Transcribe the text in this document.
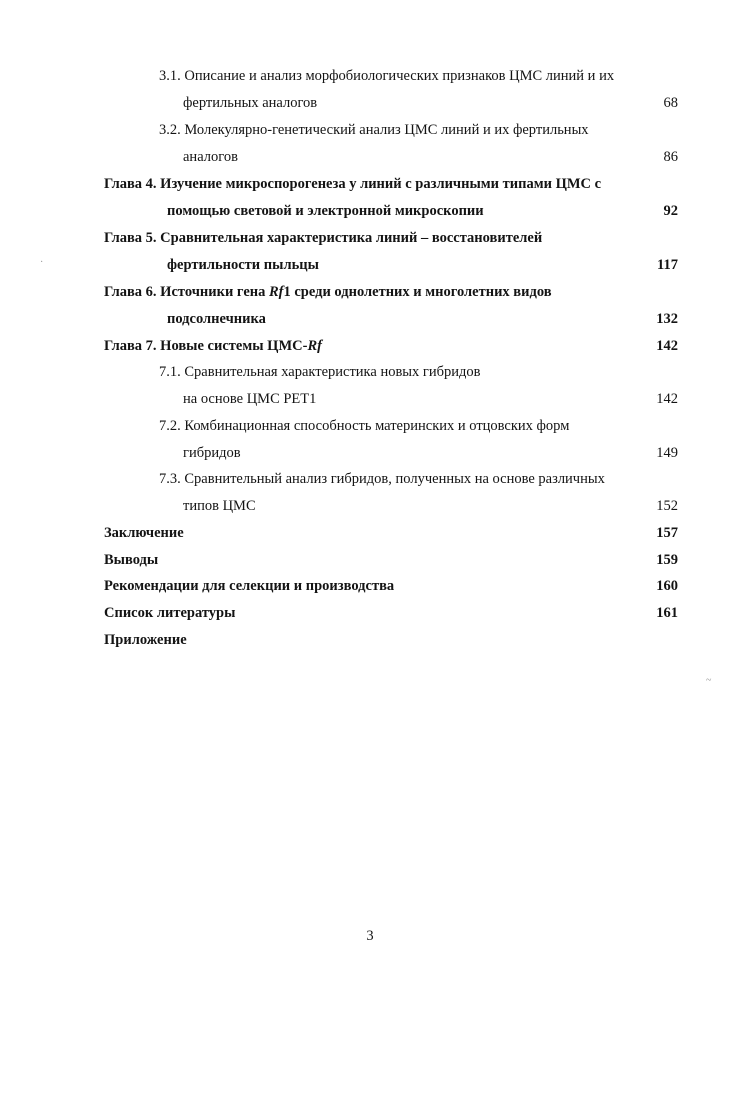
3.1. Описание и анализ морфобиологических признаков ЦМС линий и их
фертильных аналогов	68
3.2. Молекулярно-генетический анализ ЦМС линий и их фертильных
аналогов	86
Глава 4. Изучение микроспорогенеза у линий с различными типами ЦМС с
помощью световой и электронной микроскопии	92
Глава 5. Сравнительная характеристика линий – восстановителей
фертильности пыльцы	117
Глава 6. Источники гена Rf1 среди однолетних и многолетних видов
подсолнечника	132
Глава 7. Новые системы ЦМС-Rf	142
7.1. Сравнительная характеристика новых гибридов
на основе ЦМС PET1	142
7.2. Комбинационная способность материнских и отцовских форм
гибридов	149
7.3. Сравнительный анализ гибридов, полученных на основе различных
типов ЦМС	152
Заключение	157
Выводы	159
Рекомендации для селекции и производства	160
Список литературы	161
Приложение
·
~
3
